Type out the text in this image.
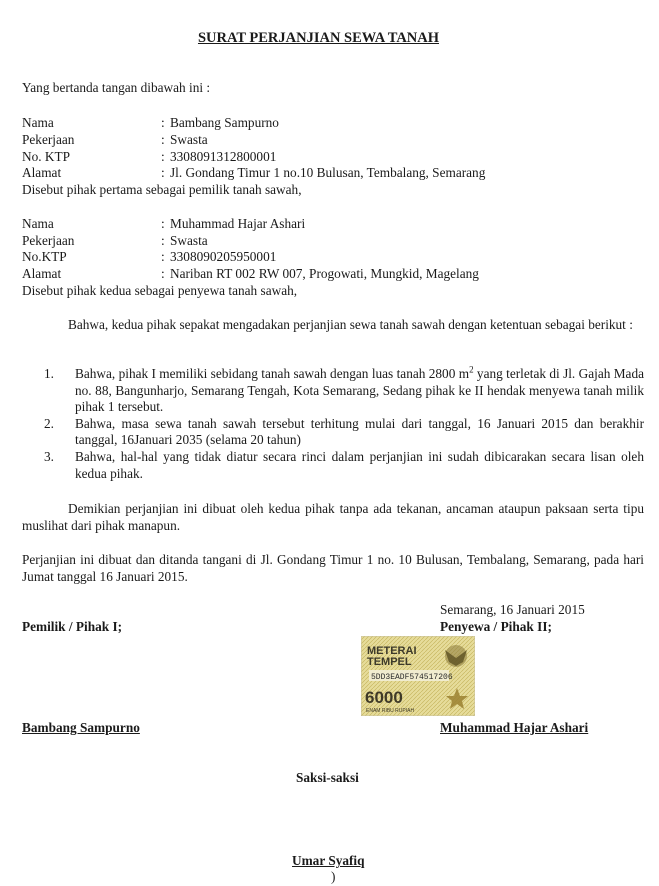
SURAT PERJANJIAN SEWA TANAH
Yang bertanda tangan dibawah ini :
Nama	: Bambang Sampurno
Pekerjaan	: Swasta
No. KTP	: 3308091312800001
Alamat	: Jl. Gondang Timur 1 no.10 Bulusan, Tembalang, Semarang
Disebut pihak pertama sebagai pemilik tanah sawah,
Nama	: Muhammad Hajar Ashari
Pekerjaan	: Swasta
No.KTP	: 3308090205950001
Alamat	: Nariban RT 002 RW 007, Progowati, Mungkid, Magelang
Disebut pihak kedua sebagai penyewa tanah sawah,
Bahwa, kedua pihak sepakat mengadakan perjanjian sewa tanah sawah dengan ketentuan sebagai berikut :
1. Bahwa, pihak I memiliki sebidang tanah sawah dengan luas tanah 2800 $m^2$ yang terletak di Jl. Gajah Mada no. 88, Bangunharjo, Semarang Tengah, Kota Semarang, Sedang pihak ke II hendak menyewa tanah milik pihak 1 tersebut.
2. Bahwa, masa sewa tanah sawah tersebut terhitung mulai dari tanggal, 16 Januari 2015 dan berakhir tanggal, 16Januari 2035 (selama 20 tahun)
3. Bahwa, hal-hal yang tidak diatur secara rinci dalam perjanjian ini sudah dibicarakan secara lisan oleh kedua pihak.
Demikian perjanjian ini dibuat oleh kedua pihak tanpa ada tekanan, ancaman ataupun paksaan serta tipu muslihat dari pihak manapun.
Perjanjian ini dibuat dan ditanda tangani di Jl. Gondang Timur 1 no. 10 Bulusan, Tembalang, Semarang, pada hari Jumat tanggal 16 Januari 2015.
Semarang, 16 Januari 2015
Pemilik / Pihak I;	Penyewa / Pihak II;
METERAI
TEMPEL
5DD3EADF574517206
6000
ENAM RIBU RUPIAH
Bambang Sampurno	Muhammad Hajar Ashari
Saksi-saksi
Umar Syafiq
)
